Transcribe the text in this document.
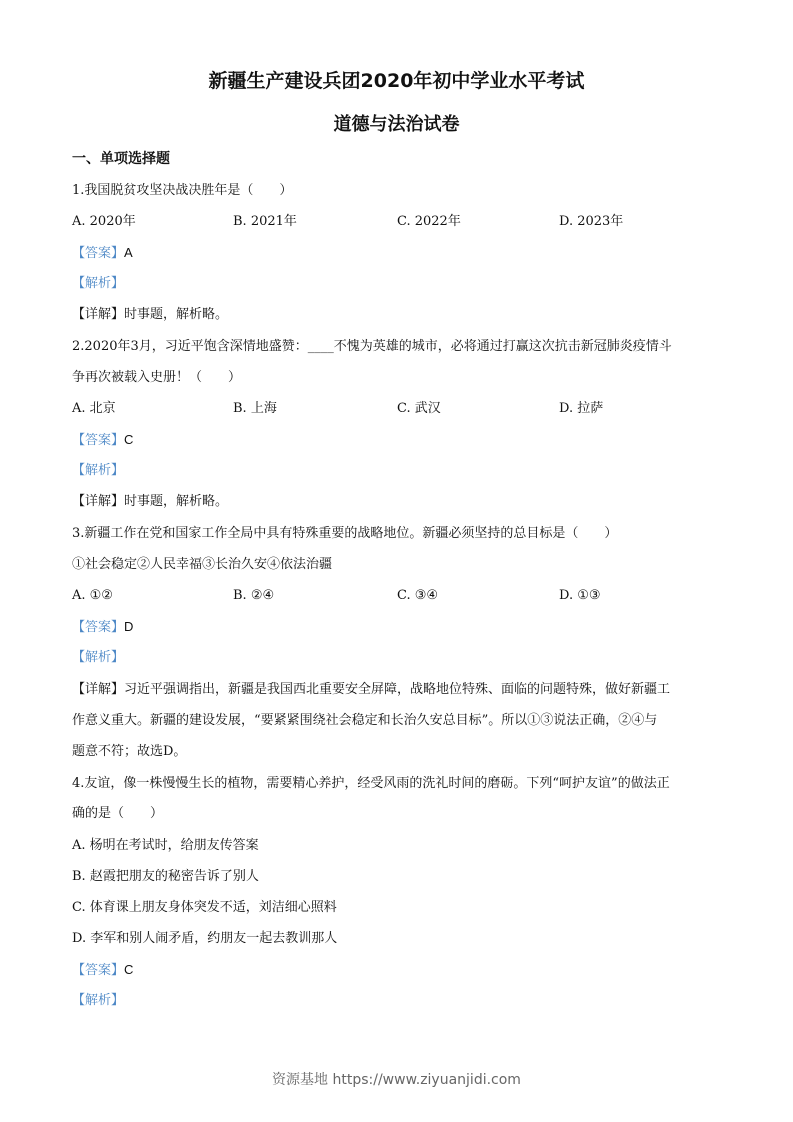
新疆生产建设兵团2020年初中学业水平考试
道德与法治试卷
一、单项选择题
1.我国脱贫攻坚决战决胜年是（　　）
A. 2020年	B. 2021年	C. 2022年	D. 2023年
【答案】A
【解析】
【详解】时事题，解析略。
2.2020年3月，习近平饱含深情地盛赞：____不愧为英雄的城市，必将通过打赢这次抗击新冠肺炎疫情斗
争再次被载入史册！（　　）
A. 北京	B. 上海	C. 武汉	D. 拉萨
【答案】C
【解析】
【详解】时事题，解析略。
3.新疆工作在党和国家工作全局中具有特殊重要的战略地位。新疆必须坚持的总目标是（　　）
①社会稳定②人民幸福③长治久安④依法治疆
A. ①②	B. ②④	C. ③④	D. ①③
【答案】D
【解析】
【详解】习近平强调指出，新疆是我国西北重要安全屏障，战略地位特殊、面临的问题特殊，做好新疆工
作意义重大。新疆的建设发展，“要紧紧围绕社会稳定和长治久安总目标”。所以①③说法正确，②④与
题意不符；故选D。
4.友谊，像一株慢慢生长的植物，需要精心养护，经受风雨的洗礼时间的磨砺。下列“呵护友谊”的做法正
确的是（　　）
A. 杨明在考试时，给朋友传答案
B. 赵霞把朋友的秘密告诉了别人
C. 体育课上朋友身体突发不适，刘洁细心照料
D. 李军和别人闹矛盾，约朋友一起去教训那人
【答案】C
【解析】
资源基地 https://www.ziyuanjidi.com
